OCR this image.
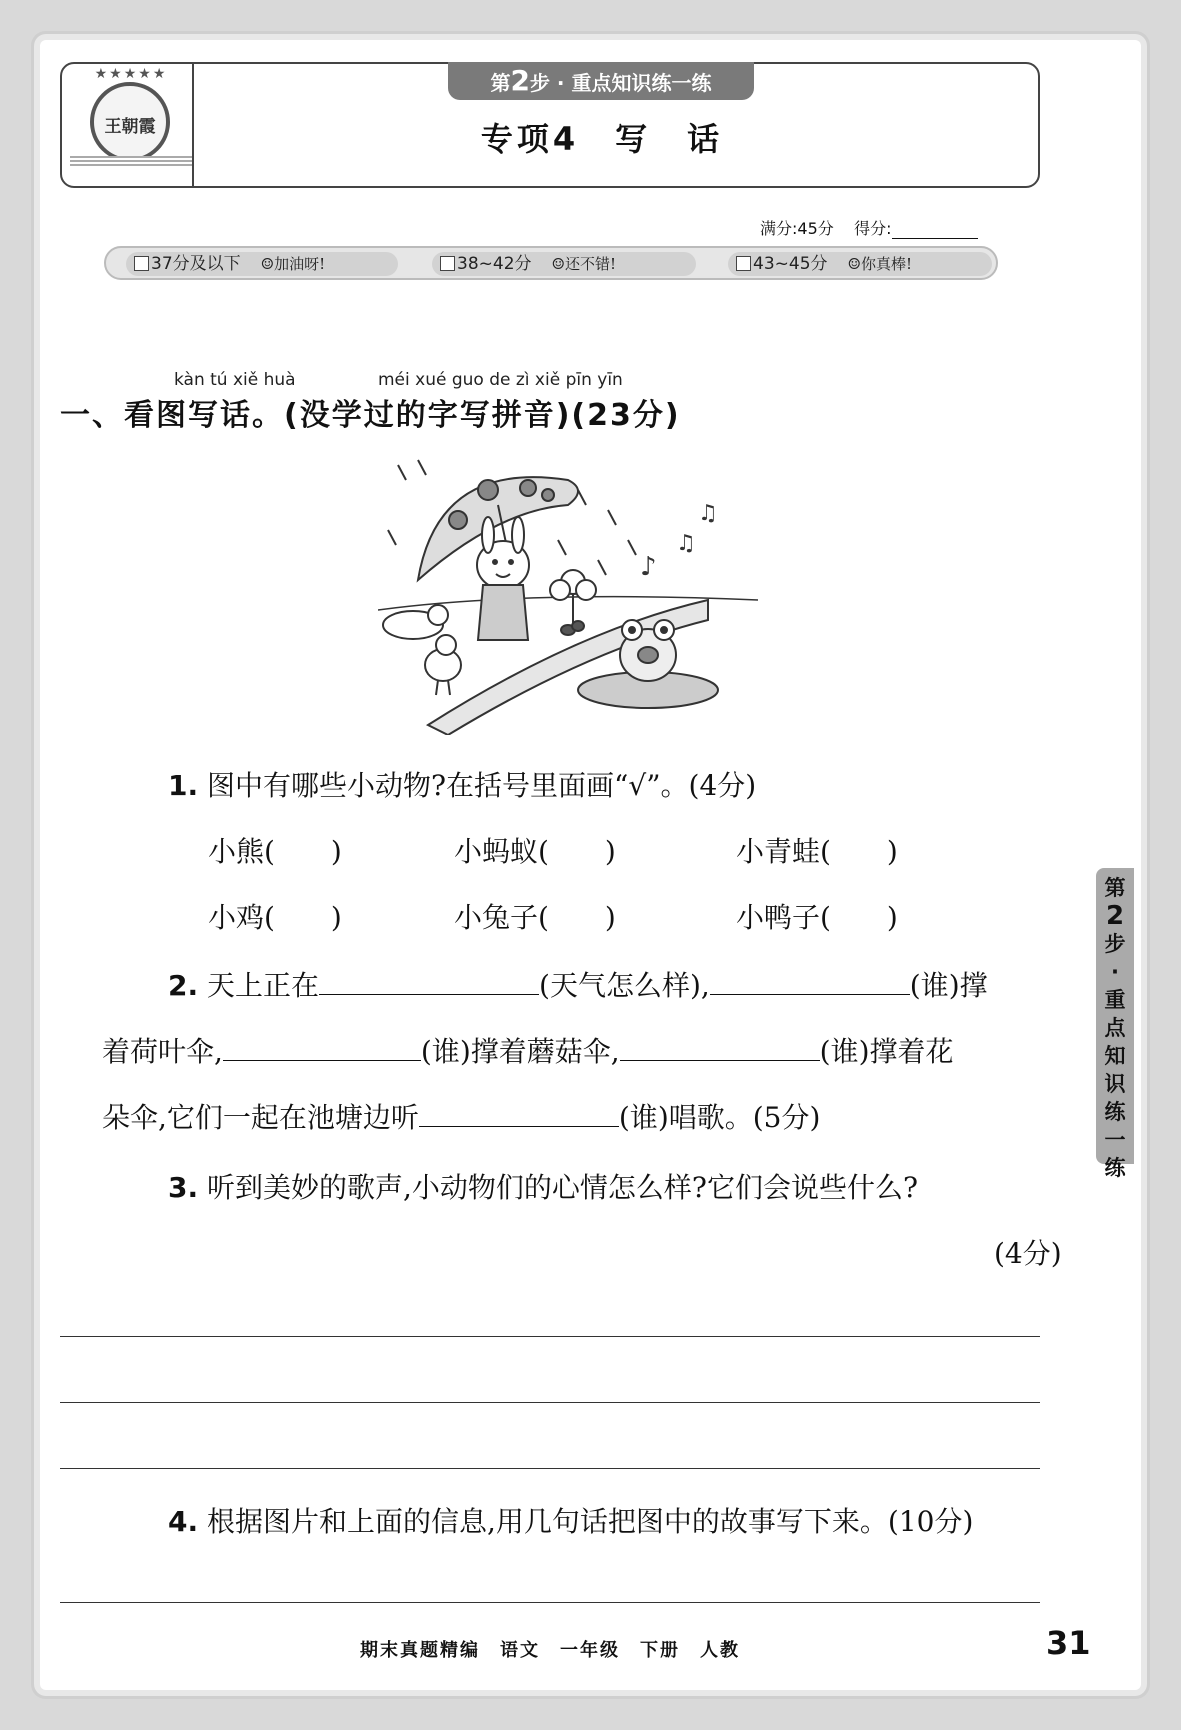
★★★★★
王朝霞
第2步 · 重点知识练一练
专项4　写　话
满分:45分 得分:
37分及以下 ☺加油呀!	38~42分 ☺还不错!	43~45分 ☺你真棒!
kàn tú xiě huà	méi xué guo de zì xiě pīn yīn
一、看图写话。(没学过的字写拼音)(23分)
♪
♫
♫
1. 图中有哪些小动物?在括号里面画“√”。(4分)
小熊(　　)	小蚂蚁(　　)	小青蛙(　　)
小鸡(　　)	小兔子(　　)	小鸭子(　　)
2. 天上正在	(天气怎么样),	(谁)撑
着荷叶伞,	(谁)撑着蘑菇伞,	(谁)撑着花
朵伞,它们一起在池塘边听	(谁)唱歌。(5分)
3. 听到美妙的歌声,小动物们的心情怎么样?它们会说些什么?
(4分)
4. 根据图片和上面的信息,用几句话把图中的故事写下来。(10分)
第
2
步
·
重
点
知
识
练
一
练
期末真题精编　语文　一年级　下册　人教	31
